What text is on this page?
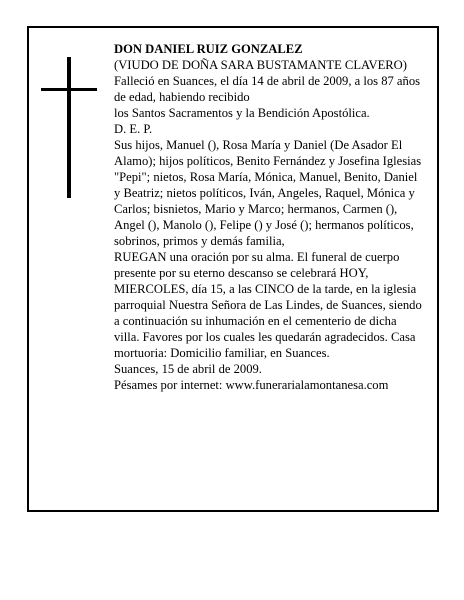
DON DANIEL RUIZ GONZALEZ

(VIUDO DE DOÑA SARA BUSTAMANTE CLAVERO)

Falleció en Suances, el día 14 de abril de 2009, a los 87 años de edad, habiendo recibido

los Santos Sacramentos y la Bendición Apostólica.

D. E. P.

Sus hijos, Manuel (), Rosa María y Daniel (De Asador El Alamo); hijos políticos, Benito Fernández y Josefina Iglesias "Pepi"; nietos, Rosa María, Mónica, Manuel, Benito, Daniel y Beatriz; nietos políticos, Iván, Angeles, Raquel, Mónica y Carlos; bisnietos, Mario y Marco; hermanos, Carmen (), Angel (), Manolo (), Felipe () y José (); hermanos políticos, sobrinos, primos y demás familia,

RUEGAN una oración por su alma. El funeral de cuerpo presente por su eterno descanso se celebrará HOY, MIERCOLES, día 15, a las CINCO de la tarde, en la iglesia parroquial Nuestra Señora de Las Lindes, de Suances, siendo a continuación su inhumación en el cementerio de dicha villa. Favores por los cuales les quedarán agradecidos. Casa mortuoria: Domicilio familiar, en Suances.

Suances, 15 de abril de 2009.

Pésames por internet: www.funerarialamontanesa.com
